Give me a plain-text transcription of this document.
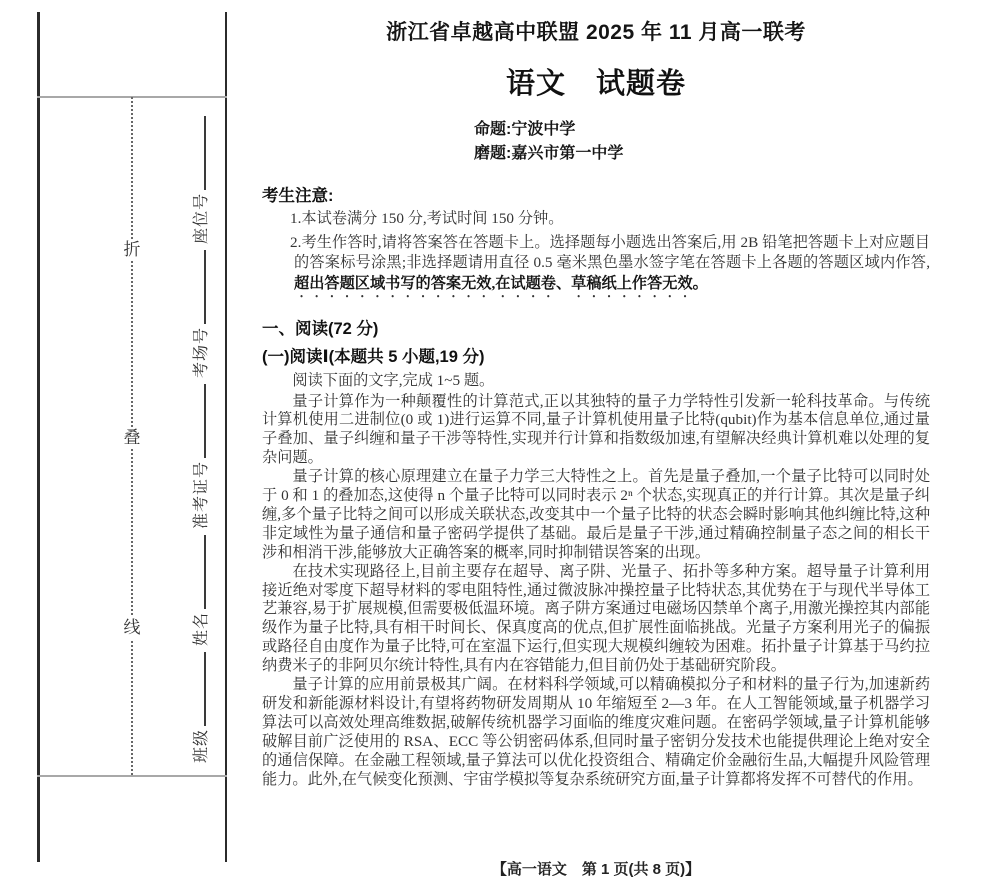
折
叠
线
班级姓名准考证号考场号座位号
浙江省卓越高中联盟 2025 年 11 月高一联考
语文　试题卷
命题:宁波中学
磨题:嘉兴市第一中学
考生注意:

1.本试卷满分 150 分,考试时间 150 分钟。

2.考生作答时,请将答案答在答题卡上。选择题每小题选出答案后,用 2B 铅笔把答题卡上对应题目的答案标号涂黑;非选择题请用直径 0.5 毫米黑色墨水签字笔在答题卡上各题的答题区域内作答,超出答题区域书写的答案无效,在试题卷、草稿纸上作答无效。

一、阅读(72 分)
(一)阅读Ⅰ(本题共 5 小题,19 分)

阅读下面的文字,完成 1~5 题。

量子计算作为一种颠覆性的计算范式,正以其独特的量子力学特性引发新一轮科技革命。与传统计算机使用二进制位(0 或 1)进行运算不同,量子计算机使用量子比特(qubit)作为基本信息单位,通过量子叠加、量子纠缠和量子干涉等特性,实现并行计算和指数级加速,有望解决经典计算机难以处理的复杂问题。

量子计算的核心原理建立在量子力学三大特性之上。首先是量子叠加,一个量子比特可以同时处于 0 和 1 的叠加态,这使得 n 个量子比特可以同时表示 2ⁿ 个状态,实现真正的并行计算。其次是量子纠缠,多个量子比特之间可以形成关联状态,改变其中一个量子比特的状态会瞬时影响其他纠缠比特,这种非定域性为量子通信和量子密码学提供了基础。最后是量子干涉,通过精确控制量子态之间的相长干涉和相消干涉,能够放大正确答案的概率,同时抑制错误答案的出现。

在技术实现路径上,目前主要存在超导、离子阱、光量子、拓扑等多种方案。超导量子计算利用接近绝对零度下超导材料的零电阻特性,通过微波脉冲操控量子比特状态,其优势在于与现代半导体工艺兼容,易于扩展规模,但需要极低温环境。离子阱方案通过电磁场囚禁单个离子,用激光操控其内部能级作为量子比特,具有相干时间长、保真度高的优点,但扩展性面临挑战。光量子方案利用光子的偏振或路径自由度作为量子比特,可在室温下运行,但实现大规模纠缠较为困难。拓扑量子计算基于马约拉纳费米子的非阿贝尔统计特性,具有内在容错能力,但目前仍处于基础研究阶段。

量子计算的应用前景极其广阔。在材料科学领域,可以精确模拟分子和材料的量子行为,加速新药研发和新能源材料设计,有望将药物研发周期从 10 年缩短至 2—3 年。在人工智能领域,量子机器学习算法可以高效处理高维数据,破解传统机器学习面临的维度灾难问题。在密码学领域,量子计算机能够破解目前广泛使用的 RSA、ECC 等公钥密码体系,但同时量子密钥分发技术也能提供理论上绝对安全的通信保障。在金融工程领域,量子算法可以优化投资组合、精确定价金融衍生品,大幅提升风险管理能力。此外,在气候变化预测、宇宙学模拟等复杂系统研究方面,量子计算都将发挥不可替代的作用。

【高一语文　第 1 页(共 8 页)】
